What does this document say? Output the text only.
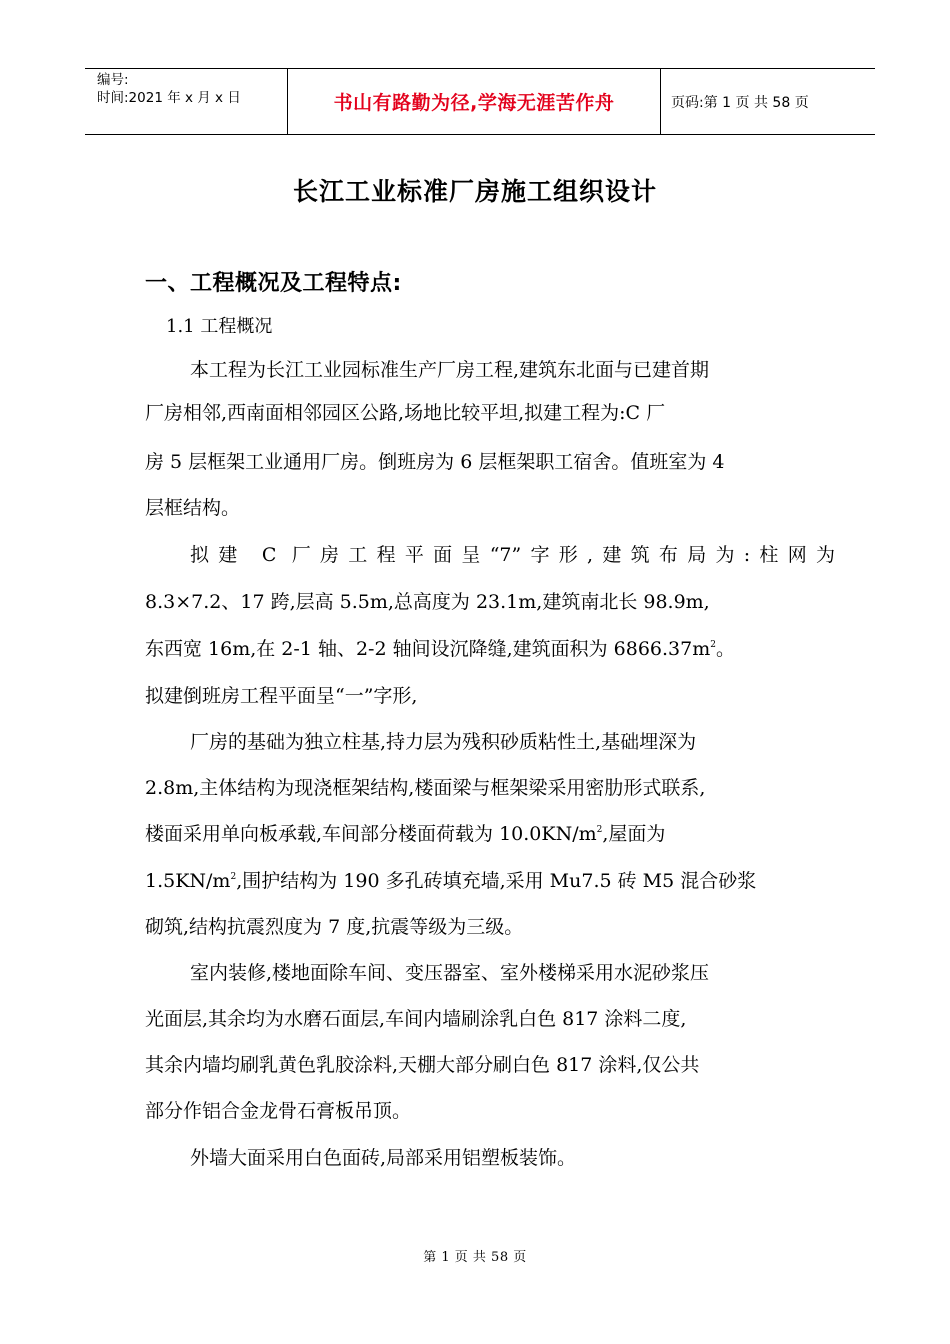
编号:
时间:2021 年 x 月 x 日	书山有路勤为径,学海无涯苦作舟	页码:第 1 页 共 58 页
长江工业标准厂房施工组织设计
一、工程概况及工程特点:
1.1 工程概况
本工程为长江工业园标准生产厂房工程,建筑东北面与已建首期
厂房相邻,西南面相邻园区公路,场地比较平坦,拟建工程为:C 厂
房 5 层框架工业通用厂房。倒班房为 6 层框架职工宿舍。值班室为 4
层框结构。
拟建 C 厂房工程平面呈“7”字形,建筑布局为:柱网为
8.3×7.2、17 跨,层高 5.5m,总高度为 23.1m,建筑南北长 98.9m,
东西宽 16m,在 2-1 轴、2-2 轴间设沉降缝,建筑面积为 $6866.37m^2$。
拟建倒班房工程平面呈“一”字形,
厂房的基础为独立柱基,持力层为残积砂质粘性土,基础埋深为
2.8m,主体结构为现浇框架结构,楼面梁与框架梁采用密肋形式联系,
楼面采用单向板承载,车间部分楼面荷载为 $10.0KN/m^2$,屋面为
$1.5KN/m^2$,围护结构为 190 多孔砖填充墙,采用 Mu7.5 砖 M5 混合砂浆
砌筑,结构抗震烈度为 7 度,抗震等级为三级。
室内装修,楼地面除车间、变压器室、室外楼梯采用水泥砂浆压
光面层,其余均为水磨石面层,车间内墙刷涂乳白色 817 涂料二度,
其余内墙均刷乳黄色乳胶涂料,天棚大部分刷白色 817 涂料,仅公共
部分作铝合金龙骨石膏板吊顶。
外墙大面采用白色面砖,局部采用铝塑板装饰。
第 1 页 共 58 页
